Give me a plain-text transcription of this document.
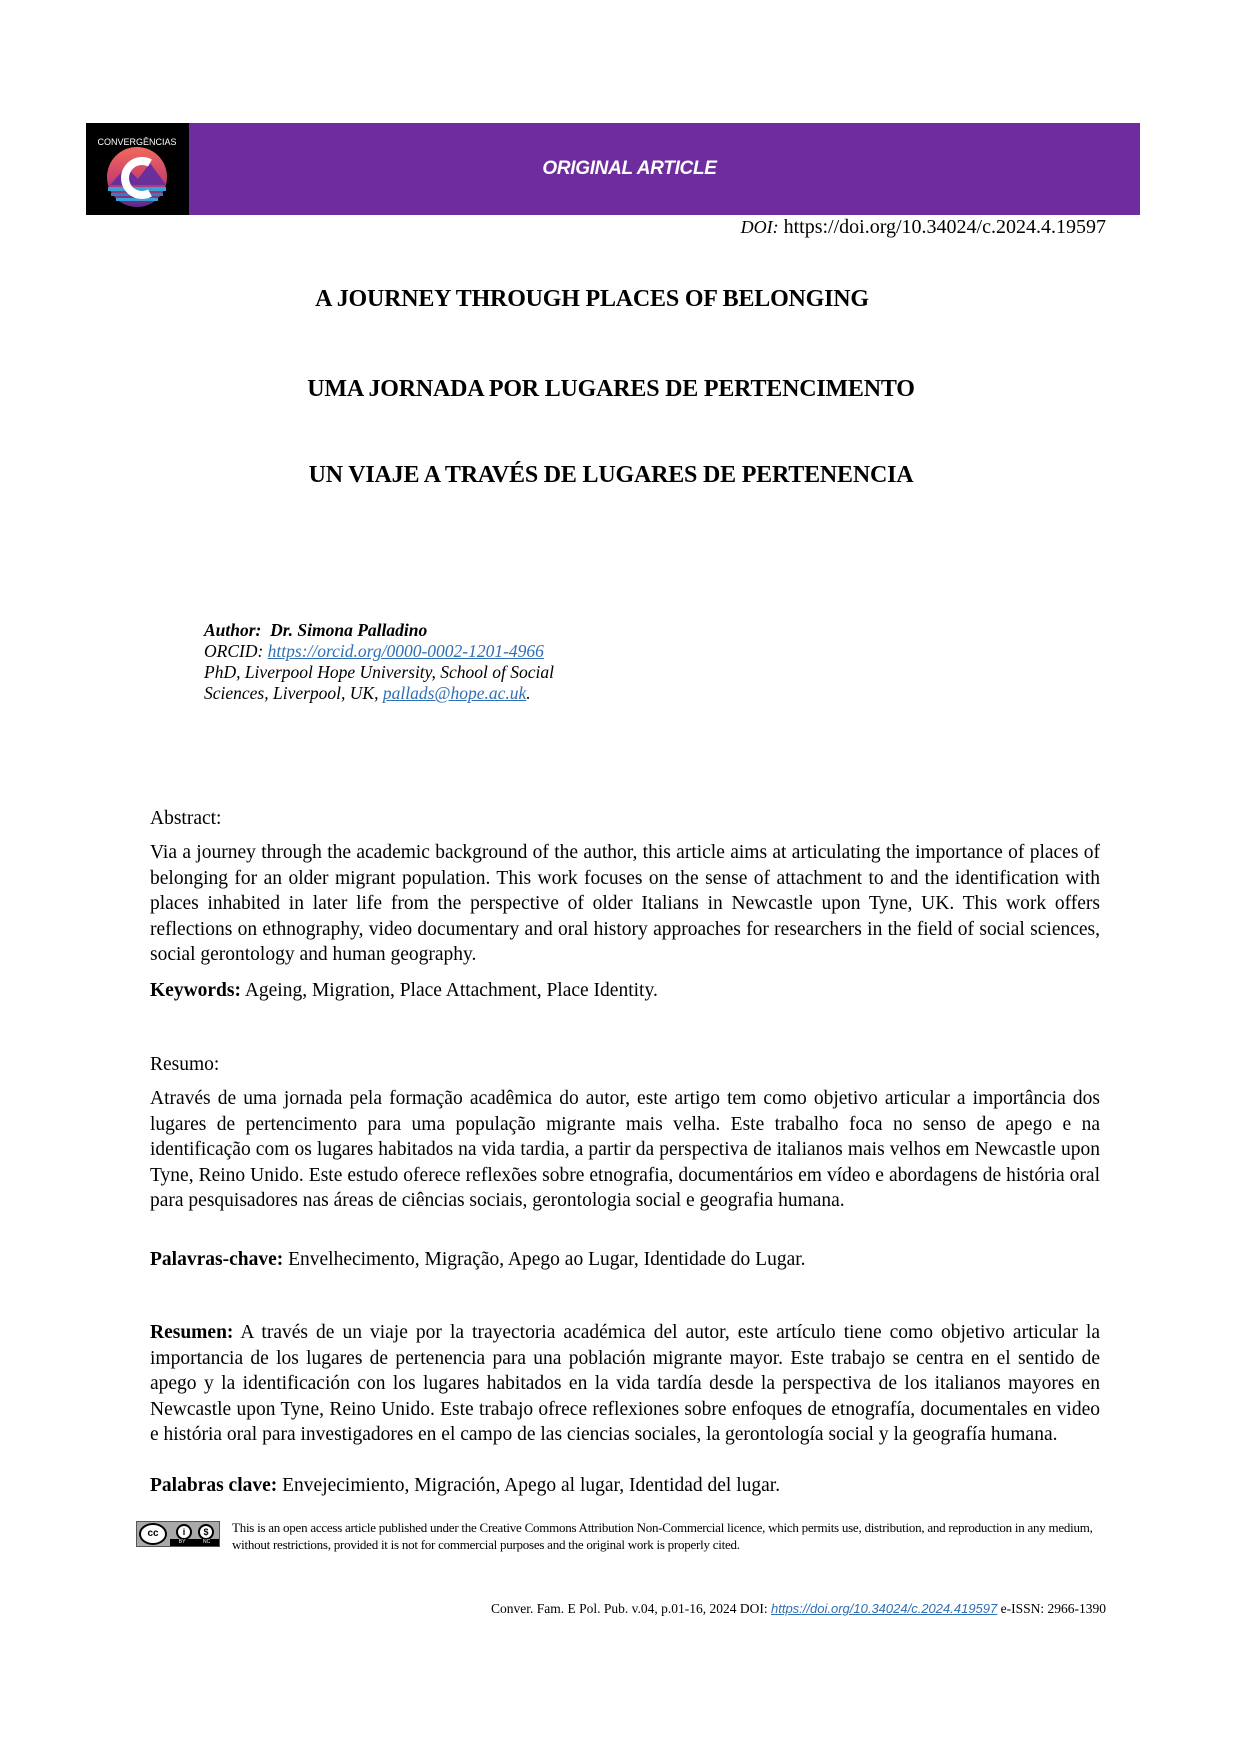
CONVERGÊNCIAS
ORIGINAL ARTICLE
DOI: https://doi.org/10.34024/c.2024.4.19597
A JOURNEY THROUGH PLACES OF BELONGING
UMA JORNADA POR LUGARES DE PERTENCIMENTO
UN VIAJE A TRAVÉS DE LUGARES DE PERTENENCIA
Author: Dr. Simona Palladino
ORCID: https://orcid.org/0000-0002-1201-4966
PhD, Liverpool Hope University, School of Social
Sciences, Liverpool, UK, pallads@hope.ac.uk.
Abstract:
Via a journey through the academic background of the author, this article aims at articulating the importance of places of belonging for an older migrant population. This work focuses on the sense of attachment to and the identification with places inhabited in later life from the perspective of older Italians in Newcastle upon Tyne, UK. This work offers reflections on ethnography, video documentary and oral history approaches for researchers in the field of social sciences, social gerontology and human geography.
Keywords: Ageing, Migration, Place Attachment, Place Identity.
Resumo:
Através de uma jornada pela formação acadêmica do autor, este artigo tem como objetivo articular a importância dos lugares de pertencimento para uma população migrante mais velha. Este trabalho foca no senso de apego e na identificação com os lugares habitados na vida tardia, a partir da perspectiva de italianos mais velhos em Newcastle upon Tyne, Reino Unido. Este estudo oferece reflexões sobre etnografia, documentários em vídeo e abordagens de história oral para pesquisadores nas áreas de ciências sociais, gerontologia social e geografia humana.
Palavras-chave: Envelhecimento, Migração, Apego ao Lugar, Identidade do Lugar.
Resumen: A través de un viaje por la trayectoria académica del autor, este artículo tiene como objetivo articular la importancia de los lugares de pertenencia para una población migrante mayor. Este trabajo se centra en el sentido de apego y la identificación con los lugares habitados en la vida tardía desde la perspectiva de los italianos mayores en Newcastle upon Tyne, Reino Unido. Este trabajo ofrece reflexiones sobre enfoques de etnografía, documentales en video e história oral para investigadores en el campo de las ciencias sociales, la gerontología social y la geografía humana.
Palabras clave: Envejecimiento, Migración, Apego al lugar, Identidad del lugar.
cc	i	$
BY	NC
This is an open access article published under the Creative Commons Attribution Non-Commercial licence, which permits use, distribution, and reproduction in any medium, without restrictions, provided it is not for commercial purposes and the original work is properly cited.
Conver. Fam. E Pol. Pub. v.04, p.01-16, 2024 DOI: https://doi.org/10.34024/c.2024.419597 e-ISSN: 2966-1390
